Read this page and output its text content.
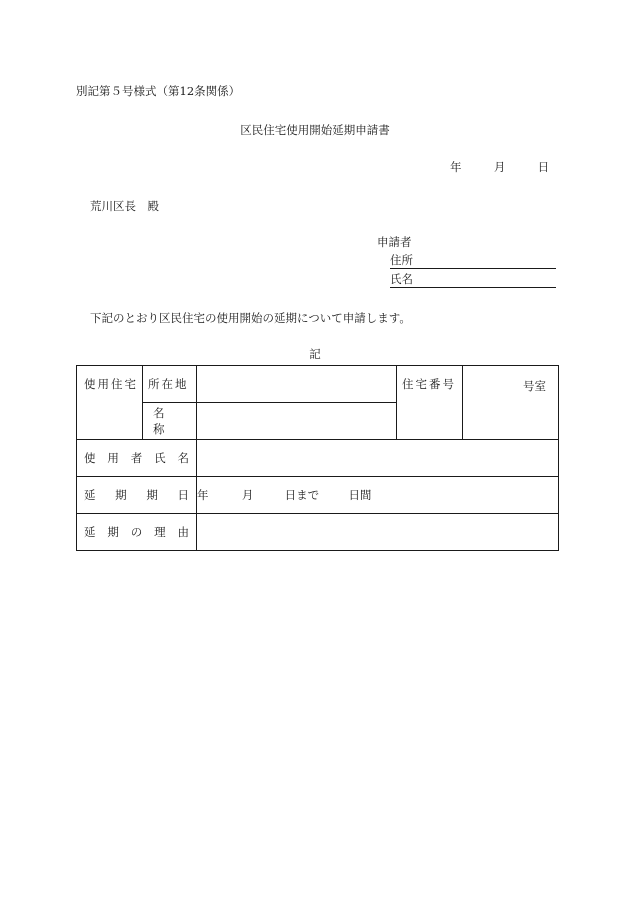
別記第５号様式（第12条関係）
区民住宅使用開始延期申請書
年	月	日
荒川区長　殿
申請者
住所
氏名
下記のとおり区民住宅の使用開始の延期について申請します。
記
使用住宅	所在地		住宅番号	号室
	名　　称			

使 用 者 氏 名				

延 期 期 日		年 月 日まで 日間		

延 期 の 理 由				
